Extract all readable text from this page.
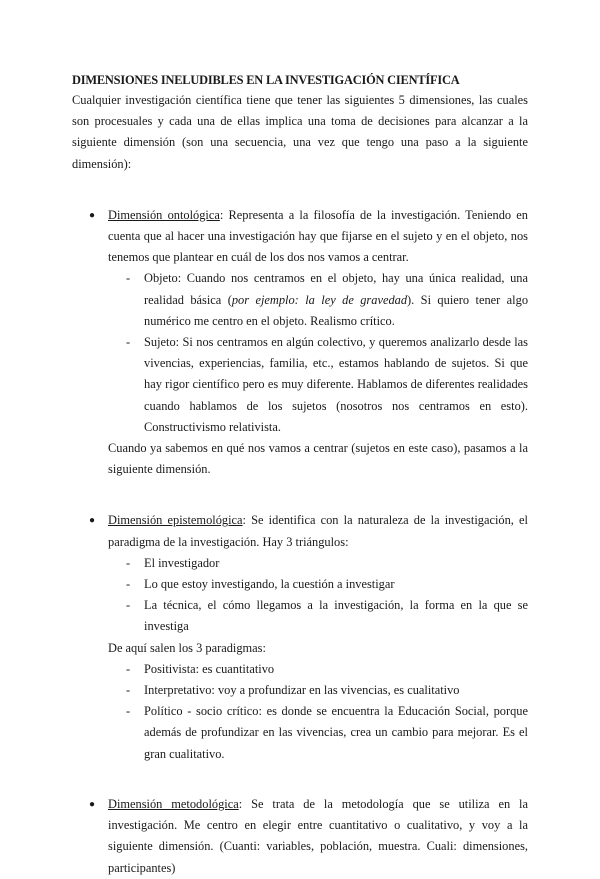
DIMENSIONES INELUDIBLES EN LA INVESTIGACIÓN CIENTÍFICA

Cualquier investigación científica tiene que tener las siguientes 5 dimensiones, las cuales son procesuales y cada una de ellas implica una toma de decisiones para alcanzar a la siguiente dimensión (son una secuencia, una vez que tengo una paso a la siguiente dimensión):

● Dimensión ontológica: Representa a la filosofía de la investigación. Teniendo en cuenta que al hacer una investigación hay que fijarse en el sujeto y en el objeto, nos tenemos que plantear en cuál de los dos nos vamos a centrar.

- Objeto: Cuando nos centramos en el objeto, hay una única realidad, una realidad básica (por ejemplo: la ley de gravedad). Si quiero tener algo numérico me centro en el objeto. Realismo crítico.
- Sujeto: Si nos centramos en algún colectivo, y queremos analizarlo desde las vivencias, experiencias, familia, etc., estamos hablando de sujetos. Si que hay rigor científico pero es muy diferente. Hablamos de diferentes realidades cuando hablamos de los sujetos (nosotros nos centramos en esto). Constructivismo relativista.

Cuando ya sabemos en qué nos vamos a centrar (sujetos en este caso), pasamos a la siguiente dimensión.

● Dimensión epistemológica: Se identifica con la naturaleza de la investigación, el paradigma de la investigación. Hay 3 triángulos:

- El investigador
- Lo que estoy investigando, la cuestión a investigar
- La técnica, el cómo llegamos a la investigación, la forma en la que se investiga

De aquí salen los 3 paradigmas:

- Positivista: es cuantitativo
- Interpretativo: voy a profundizar en las vivencias, es cualitativo
- Político - socio crítico: es donde se encuentra la Educación Social, porque además de profundizar en las vivencias, crea un cambio para mejorar. Es el gran cualitativo.
● Dimensión metodológica: Se trata de la metodología que se utiliza en la investigación. Me centro en elegir entre cuantitativo o cualitativo, y voy a la siguiente dimensión. (Cuanti: variables, población, muestra. Cuali: dimensiones, participantes)
